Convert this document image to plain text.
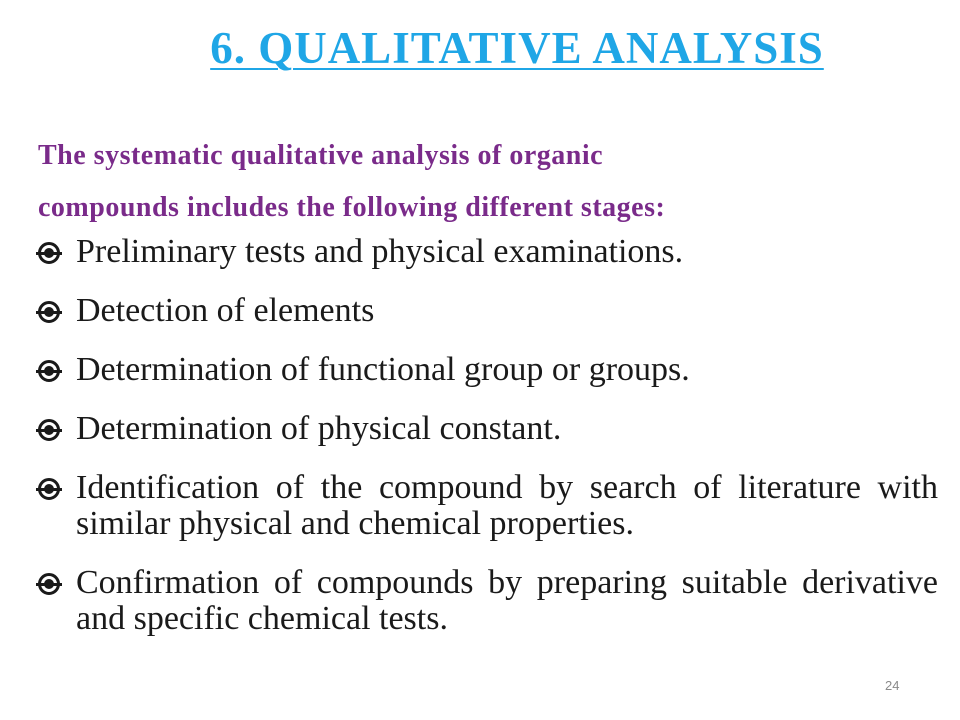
6. QUALITATIVE ANALYSIS

The systematic qualitative analysis of organic
compounds includes the following different stages:

Preliminary tests and physical examinations.
Detection of elements
Determination of functional group or groups.
Determination of physical constant.
Identification of the compound by search of literature with similar physical and chemical properties.
Confirmation of compounds by preparing suitable derivative and specific chemical tests.
24
